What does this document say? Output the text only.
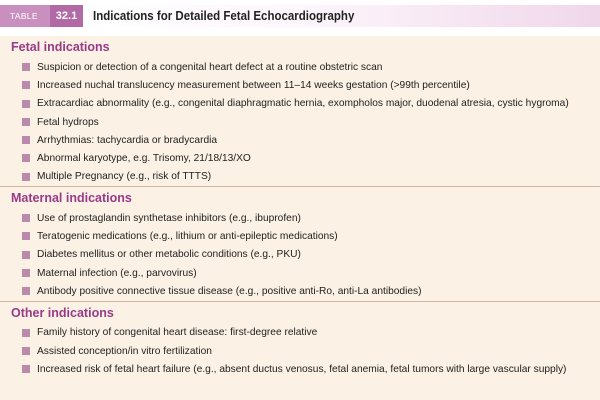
TABLE	32.1	Indications for Detailed Fetal Echocardiography
Fetal indications
Suspicion or detection of a congenital heart defect at a routine obstetric scan
Increased nuchal translucency measurement between 11–14 weeks gestation (>99th percentile)
Extracardiac abnormality (e.g., congenital diaphragmatic hernia, exompholos major, duodenal atresia, cystic hygroma)
Fetal hydrops
Arrhythmias: tachycardia or bradycardia
Abnormal karyotype, e.g. Trisomy, 21/18/13/XO
Multiple Pregnancy (e.g., risk of TTTS)
Maternal indications
Use of prostaglandin synthetase inhibitors (e.g., ibuprofen)
Teratogenic medications (e.g., lithium or anti-epileptic medications)
Diabetes mellitus or other metabolic conditions (e.g., PKU)
Maternal infection (e.g., parvovirus)
Antibody positive connective tissue disease (e.g., positive anti-Ro, anti-La antibodies)
Other indications
Family history of congenital heart disease: first-degree relative
Assisted conception/in vitro fertilization
Increased risk of fetal heart failure (e.g., absent ductus venosus, fetal anemia, fetal tumors with large vascular supply)
